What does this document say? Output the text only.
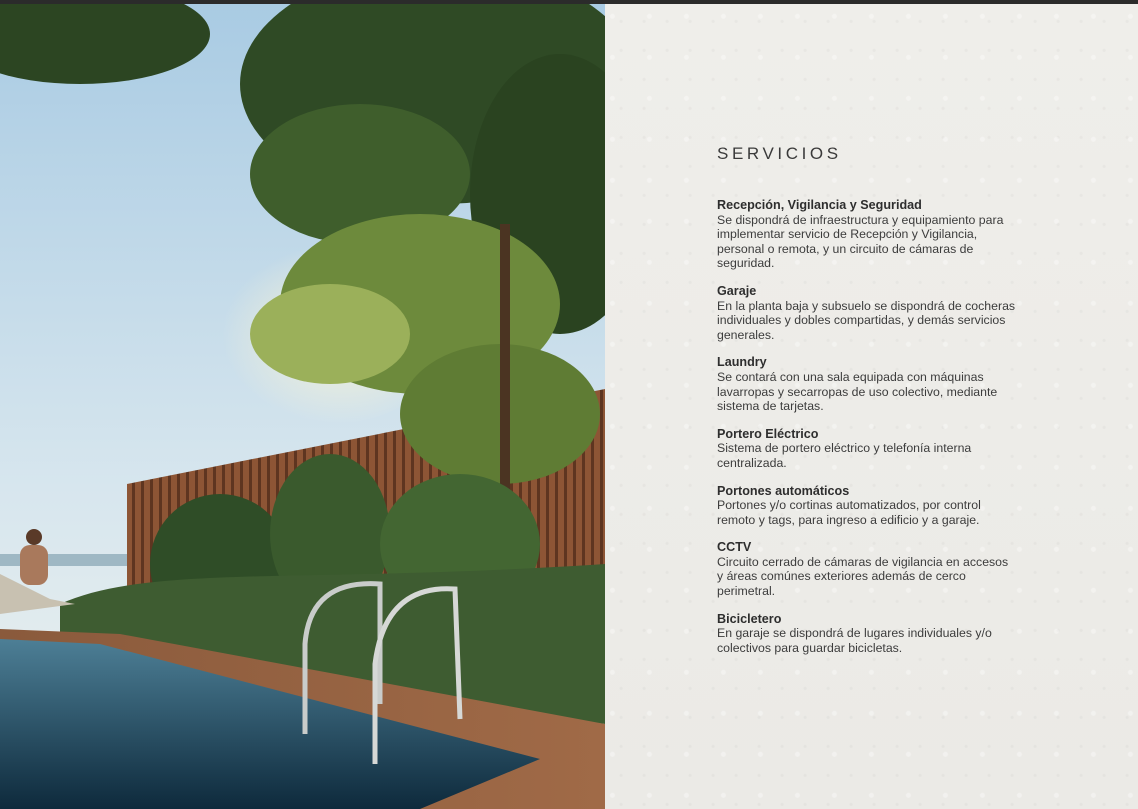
SERVICIOS
Recepción, Vigilancia y Seguridad
Se dispondrá de infraestructura y equipamiento para implementar servicio de Recepción y Vigilancia, personal o remota, y un circuito de cámaras de seguridad.
Garaje
En la planta baja y subsuelo se dispondrá de cocheras individuales y dobles compartidas, y demás servicios generales.
Laundry
Se contará con una sala equipada con máquinas lavarropas y secarropas de uso colectivo, mediante sistema de tarjetas.
Portero Eléctrico
Sistema de portero eléctrico y telefonía interna centralizada.
Portones automáticos
Portones y/o cortinas automatizados, por control remoto y tags, para ingreso a edificio y a garaje.
CCTV
Circuito cerrado de cámaras de vigilancia en accesos y áreas comúnes exteriores además de cerco perimetral.
Bicicletero
En garaje se dispondrá de lugares individuales y/o colectivos para guardar bicicletas.
